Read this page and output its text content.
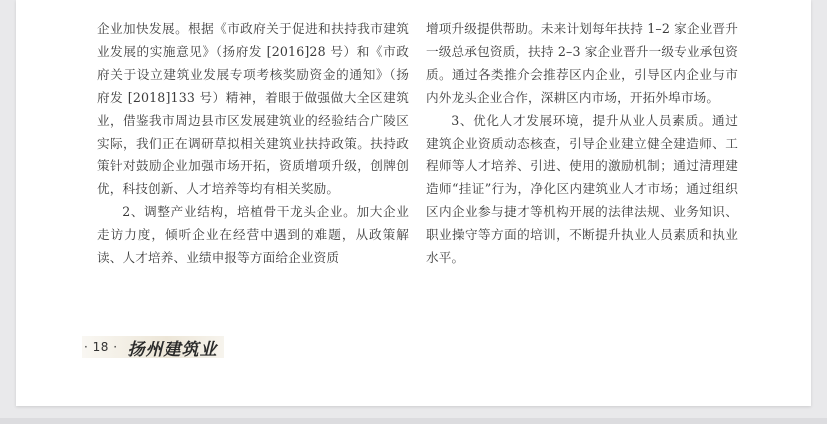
企业加快发展。根据《市政府关于促进和扶持我市建筑业发展的实施意见》（扬府发 [2016]28 号）和《市政府关于设立建筑业发展专项考核奖励资金的通知》（扬府发 [2018]133 号）精神，着眼于做强做大全区建筑业，借鉴我市周边县市区发展建筑业的经验结合广陵区实际，我们正在调研草拟相关建筑业扶持政策。扶持政策针对鼓励企业加强市场开拓，资质增项升级，创牌创优，科技创新、人才培养等均有相关奖励。

2、调整产业结构，培植骨干龙头企业。加大企业走访力度，倾听企业在经营中遇到的难题，从政策解读、人才培养、业绩申报等方面给企业资质

增项升级提供帮助。未来计划每年扶持 1–2 家企业晋升一级总承包资质，扶持 2–3 家企业晋升一级专业承包资质。通过各类推介会推荐区内企业，引导区内企业与市内外龙头企业合作，深耕区内市场，开拓外埠市场。

3、优化人才发展环境，提升从业人员素质。通过建筑企业资质动态核查，引导企业建立健全建造师、工程师等人才培养、引进、使用的激励机制；通过清理建造师“挂证”行为，净化区内建筑业人才市场；通过组织区内企业参与捷才等机构开展的法律法规、业务知识、职业操守等方面的培训，不断提升执业人员素质和执业水平。

· 18 · 扬州建筑业
